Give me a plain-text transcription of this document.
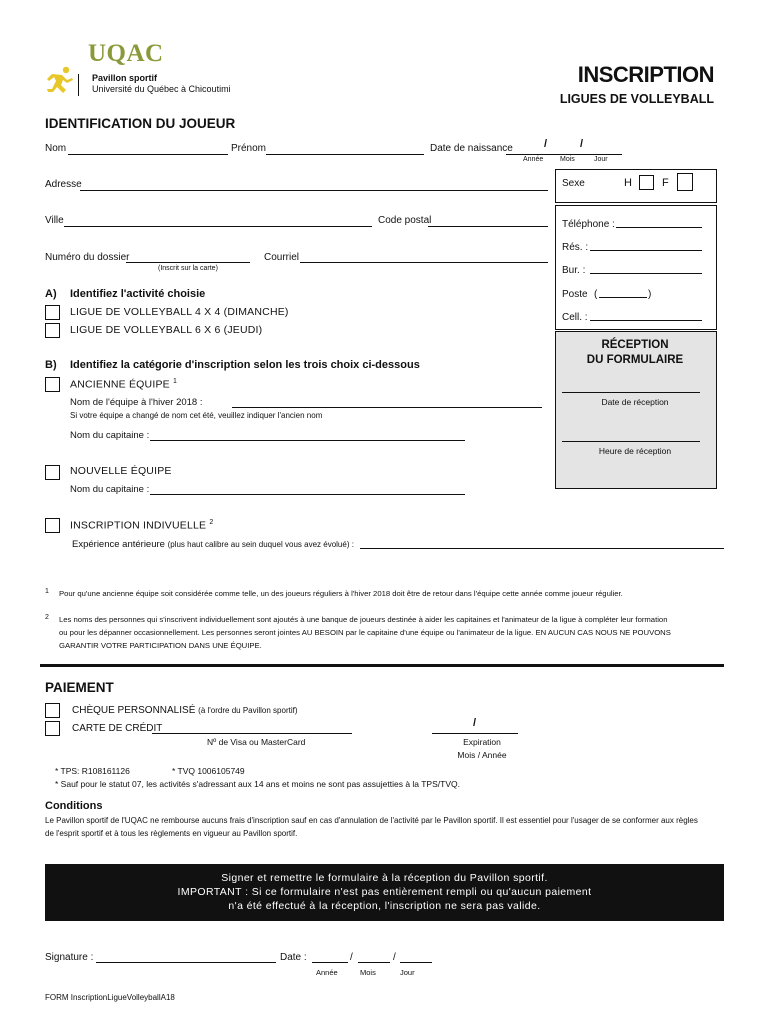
UQAC
Pavillon sportif
Université du Québec à Chicoutimi
INSCRIPTION
LIGUES DE VOLLEYBALL
IDENTIFICATION DU JOUEUR
Nom	Prénom	Date de naissance	/	/
Année Mois	Jour
Adresse	Sexe	H	F
Ville	Code postal	Téléphone :
Rés. :
Bur. :
Poste (	)
Cell. :
Numéro du dossier
(Inscrit sur la carte)
Courriel
A) Identifiez l'activité choisie
LIGUE DE VOLLEYBALL 4 X 4 (DIMANCHE)
LIGUE DE VOLLEYBALL 6 X 6 (JEUDI)
RÉCEPTION
DU FORMULAIRE
Date de réception
Heure de réception
B) Identifiez la catégorie d'inscription selon les trois choix ci-dessous
ANCIENNE ÉQUIPE $^1$
Nom de l'équipe à l'hiver 2018 :
Si votre équipe a changé de nom cet été, veuillez indiquer l'ancien nom
Nom du capitaine :
NOUVELLE ÉQUIPE
Nom du capitaine :
INSCRIPTION INDIVUELLE $^2$
Expérience antérieure (plus haut calibre au sein duquel vous avez évolué) :
1 Pour qu'une ancienne équipe soit considérée comme telle, un des joueurs réguliers à l'hiver 2018 doit être de retour dans l'équipe cette année comme joueur régulier.
2 Les noms des personnes qui s'inscrivent individuellement sont ajoutés à une banque de joueurs destinée à aider les capitaines et l'animateur de la ligue à compléter leur formation
ou pour les dépanner occasionnellement. Les personnes seront jointes AU BESOIN par le capitaine d'une équipe ou l'animateur de la ligue. EN AUCUN CAS NOUS NE POUVONS
GARANTIR VOTRE PARTICIPATION DANS UNE ÉQUIPE.
PAIEMENT
CHÈQUE PERSONNALISÉ (à l'ordre du Pavillon sportif)
CARTE DE CRÉDIT
Nº de Visa ou MasterCard
/
Expiration
Mois / Année
* TPS: R108161126	* TVQ 1006105749
* Sauf pour le statut 07, les activités s'adressant aux 14 ans et moins ne sont pas assujetties à la TPS/TVQ.
Conditions
Le Pavillon sportif de l'UQAC ne rembourse aucuns frais d'inscription sauf en cas d'annulation de l'activité par le Pavillon sportif. Il est essentiel pour l'usager de se conformer aux règles
de l'esprit sportif et à tous les règlements en vigueur au Pavillon sportif.
Signer et remettre le formulaire à la réception du Pavillon sportif.
IMPORTANT : Si ce formulaire n'est pas entièrement rempli ou qu'aucun paiement
n'a été effectué à la réception, l'inscription ne sera pas valide.
Signature :	Date :	/	/
Année	Mois	Jour
FORM InscriptionLigueVolleyballA18
